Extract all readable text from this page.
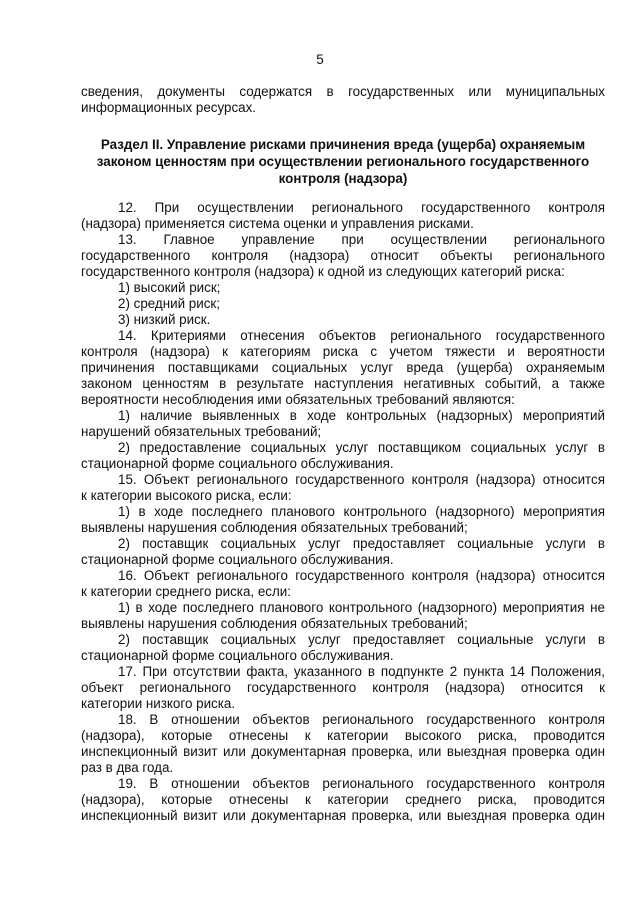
5

сведения, документы содержатся в государственных или муниципальных

информационных ресурсах.

Раздел II. Управление рисками причинения вреда (ущерба) охраняемым
законом ценностям при осуществлении регионального государственного
контроля (надзора)

12. При осуществлении регионального государственного контроля

(надзора) применяется система оценки и управления рисками.

13. Главное управление при осуществлении регионального

государственного контроля (надзора) относит объекты регионального

государственного контроля (надзора) к одной из следующих категорий риска:

1) высокий риск;

2) средний риск;

3) низкий риск.

14. Критериями отнесения объектов регионального государственного

контроля (надзора) к категориям риска с учетом тяжести и вероятности

причинения поставщиками социальных услуг вреда (ущерба) охраняемым

законом ценностям в результате наступления негативных событий, а также

вероятности несоблюдения ими обязательных требований являются:

1) наличие выявленных в ходе контрольных (надзорных) мероприятий

нарушений обязательных требований;

2) предоставление социальных услуг поставщиком социальных услуг в

стационарной форме социального обслуживания.

15. Объект регионального государственного контроля (надзора) относится

к категории высокого риска, если:

1) в ходе последнего планового контрольного (надзорного) мероприятия

выявлены нарушения соблюдения обязательных требований;

2) поставщик социальных услуг предоставляет социальные услуги в

стационарной форме социального обслуживания.

16. Объект регионального государственного контроля (надзора) относится

к категории среднего риска, если:

1) в ходе последнего планового контрольного (надзорного) мероприятия не

выявлены нарушения соблюдения обязательных требований;

2) поставщик социальных услуг предоставляет социальные услуги в

стационарной форме социального обслуживания.

17. При отсутствии факта, указанного в подпункте 2 пункта 14 Положения,

объект регионального государственного контроля (надзора) относится к

категории низкого риска.

18. В отношении объектов регионального государственного контроля

(надзора), которые отнесены к категории высокого риска, проводится

инспекционный визит или документарная проверка, или выездная проверка один

раз в два года.

19. В отношении объектов регионального государственного контроля

(надзора), которые отнесены к категории среднего риска, проводится

инспекционный визит или документарная проверка, или выездная проверка один
